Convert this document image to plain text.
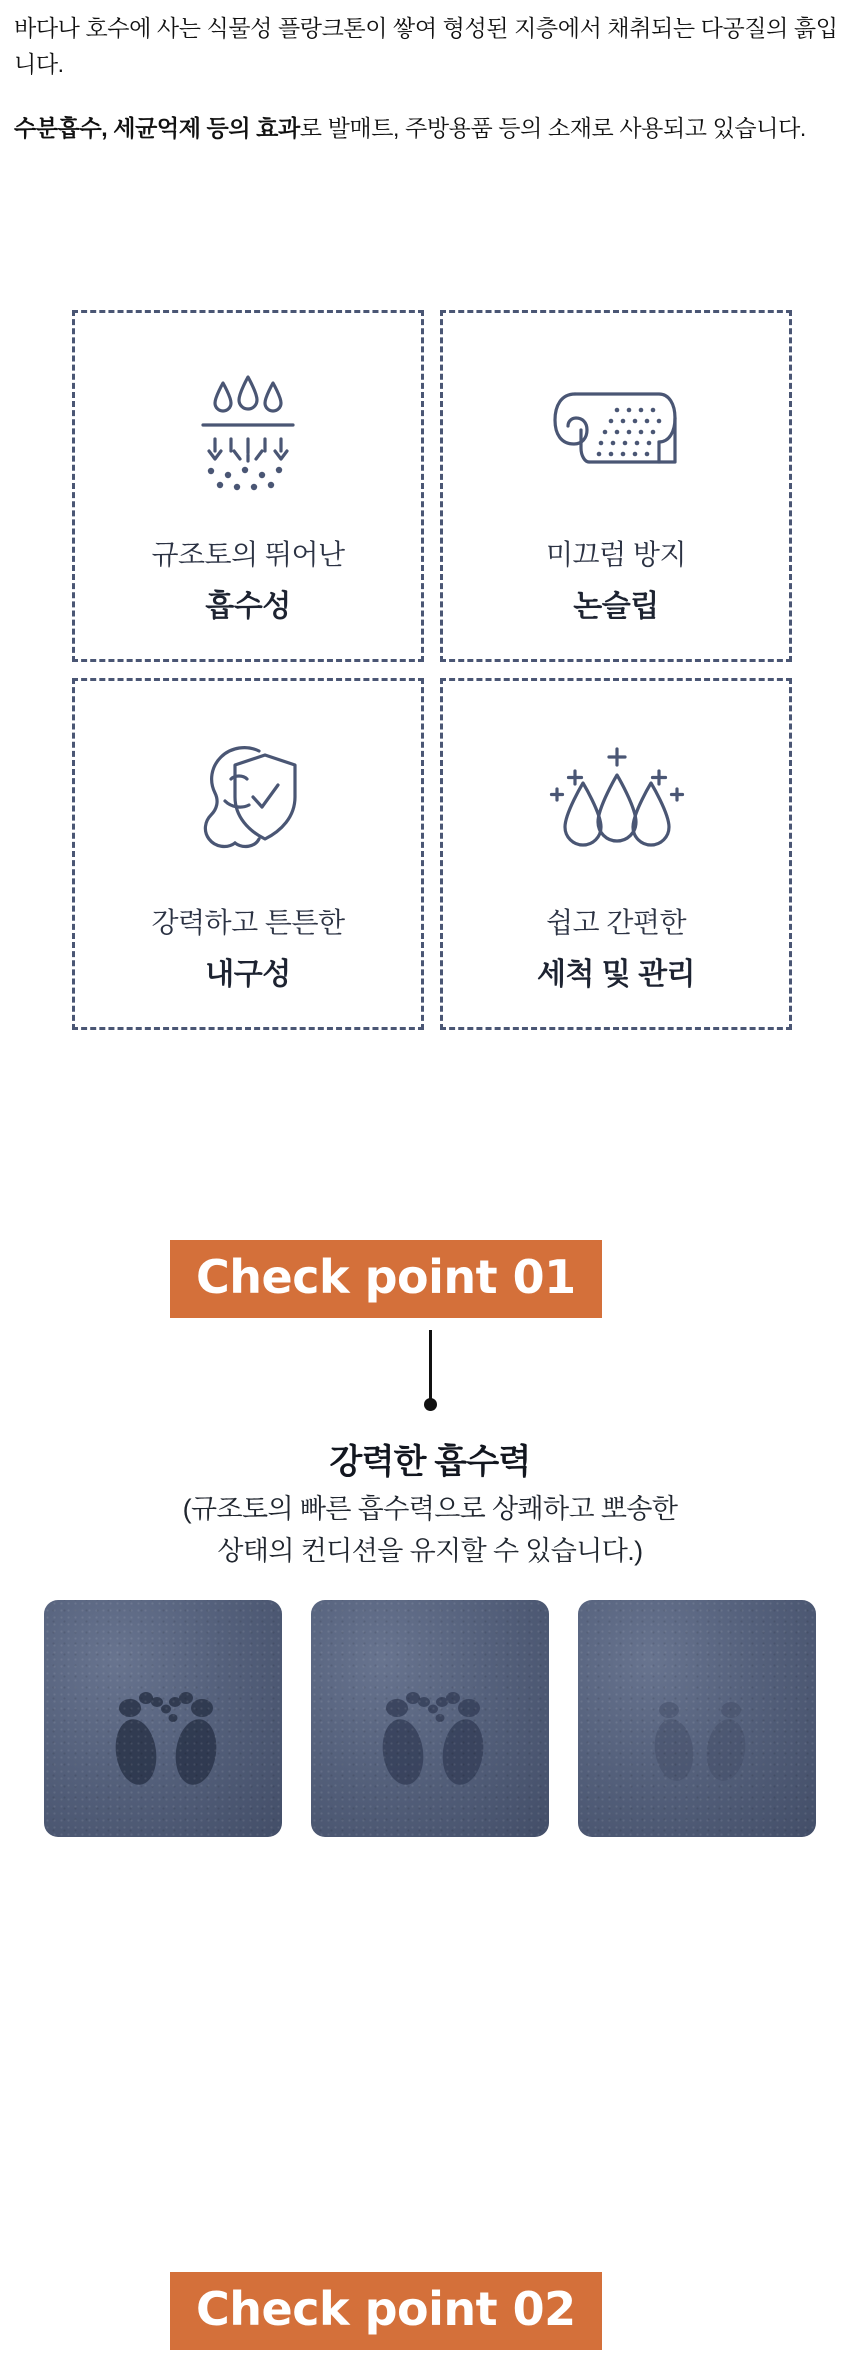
바다나 호수에 사는 식물성 플랑크톤이 쌓여 형성된 지층에서 채취되는 다공질의 흙입니다.

수분흡수, 세균억제 등의 효과로 발매트, 주방용품 등의 소재로 사용되고 있습니다.

규조토의 뛰어난
흡수성
미끄럼 방지
논슬립
강력하고 튼튼한
내구성
쉽고 간편한
세척 및 관리
Check point 01
강력한 흡수력
(규조토의 빠른 흡수력으로 상쾌하고 뽀송한
상태의 컨디션을 유지할 수 있습니다.)
Check point 02
